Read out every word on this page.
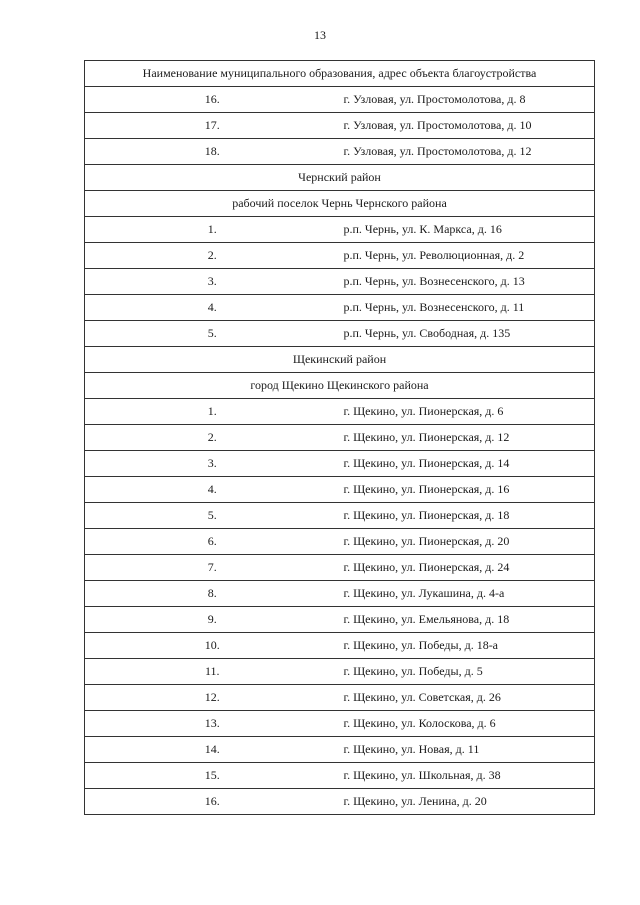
13
Наименование муниципального образования, адрес объекта благоустройства	
16.	г. Узловая, ул. Простомолотова, д. 8
17.	г. Узловая, ул. Простомолотова, д. 10
18.	г. Узловая, ул. Простомолотова, д. 12
Чернский район	
рабочий поселок Чернь Чернского района	
1.	р.п. Чернь, ул. К. Маркса, д. 16
2.	р.п. Чернь, ул. Революционная, д. 2
3.	р.п. Чернь, ул. Вознесенского, д. 13
4.	р.п. Чернь, ул. Вознесенского, д. 11
5.	р.п. Чернь, ул. Свободная, д. 135
Щекинский район	
город Щекино Щекинского района	
1.	г. Щекино, ул. Пионерская, д. 6
2.	г. Щекино, ул. Пионерская, д. 12
3.	г. Щекино, ул. Пионерская, д. 14
4.	г. Щекино, ул. Пионерская, д. 16
5.	г. Щекино, ул. Пионерская, д. 18
6.	г. Щекино, ул. Пионерская, д. 20
7.	г. Щекино, ул. Пионерская, д. 24
8.	г. Щекино, ул. Лукашина, д. 4-а
9.	г. Щекино, ул. Емельянова, д. 18
10.	г. Щекино, ул. Победы, д. 18-а
11.	г. Щекино, ул. Победы, д. 5
12.	г. Щекино, ул. Советская, д. 26
13.	г. Щекино, ул. Колоскова, д. 6
14.	г. Щекино, ул. Новая, д. 11
15.	г. Щекино, ул. Школьная, д. 38
16.	г. Щекино, ул. Ленина, д. 20
